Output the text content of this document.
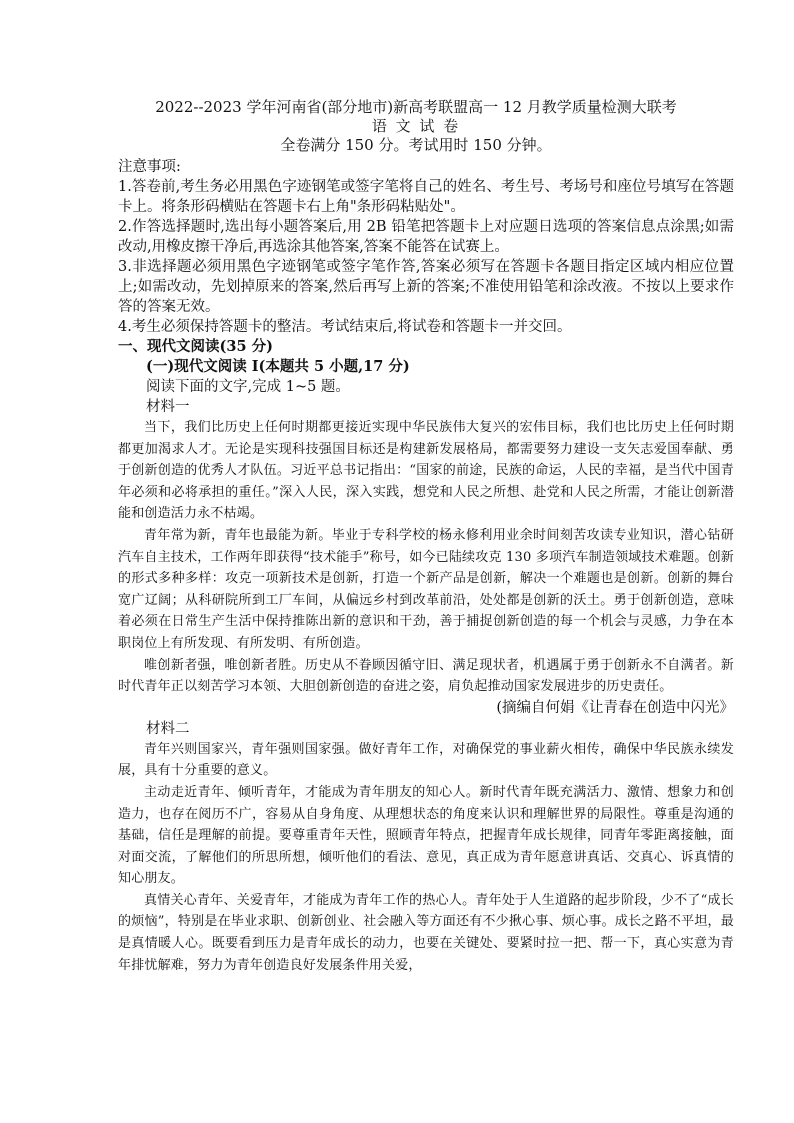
2022--2023 学年河南省(部分地市)新高考联盟高一 12 月教学质量检测大联考
语 文 试 卷
全卷满分 150 分。考试用时 150 分钟。
注意事项:
1.答卷前,考生务必用黑色字迹钢笔或签字笔将自己的姓名、考生号、考场号和座位号填写在答题卡上。将条形码横贴在答题卡右上角"条形码粘贴处"。
2.作答选择题时,选出每小题答案后,用 2B 铅笔把答题卡上对应题日选项的答案信息点涂黑;如需改动,用橡皮擦干净后,再选涂其他答案,答案不能答在试赛上。
3.非选择题必须用黑色字迹钢笔或签字笔作答,答案必须写在答题卡各题目指定区域内相应位置上;如需改动，先划掉原来的答案,然后再写上新的答案;不准使用铅笔和涂改液。不按以上要求作答的答案无效。
4.考生必须保持答题卡的整洁。考试结束后,将试卷和答题卡一并交回。
一、现代文阅读(35 分)
(一)现代文阅读 I(本题共 5 小题,17 分)
阅读下面的文字,完成 1~5 题。
材料一
当下，我们比历史上任何时期都更接近实现中华民族伟大复兴的宏伟目标，我们也比历史上任何时期都更加渴求人才。无论是实现科技强国目标还是构建新发展格局，都需要努力建设一支矢志爱国奉献、勇于创新创造的优秀人才队伍。习近平总书记指出：“国家的前途，民族的命运，人民的幸福，是当代中国青年必须和必将承担的重任。”深入人民，深入实践，想党和人民之所想、赴党和人民之所需，才能让创新潜能和创造活力永不枯竭。
青年常为新，青年也最能为新。毕业于专科学校的杨永修利用业余时间刻苦攻读专业知识，潜心钻研汽车自主技术，工作两年即获得“技术能手”称号，如今已陆续攻克 130 多项汽车制造领域技术难题。创新的形式多种多样：攻克一项新技术是创新，打造一个新产品是创新，解决一个难题也是创新。创新的舞台宽广辽阔；从科研院所到工厂车间，从偏远乡村到改革前沿，处处都是创新的沃土。勇于创新创造，意味着必须在日常生产生活中保持推陈出新的意识和干劲，善于捕捉创新创造的每一个机会与灵感，力争在本职岗位上有所发现、有所发明、有所创造。
唯创新者强，唯创新者胜。历史从不眷顾因循守旧、满足现状者，机遇属于勇于创新永不自满者。新时代青年正以刻苦学习本领、大胆创新创造的奋进之姿，肩负起推动国家发展进步的历史责任。
(摘编自何娟《让青春在创造中闪光》
材料二
青年兴则国家兴，青年强则国家强。做好青年工作，对确保党的事业薪火相传，确保中华民族永续发展，具有十分重要的意义。
主动走近青年、倾听青年，才能成为青年朋友的知心人。新时代青年既充满活力、激情、想象力和创造力，也存在阅历不广，容易从自身角度、从理想状态的角度来认识和理解世界的局限性。尊重是沟通的基础，信任是理解的前提。要尊重青年天性，照顾青年特点，把握青年成长规律，同青年零距离接触，面对面交流，了解他们的所思所想，倾听他们的看法、意见，真正成为青年愿意讲真话、交真心、诉真情的知心朋友。
真情关心青年、关爱青年，才能成为青年工作的热心人。青年处于人生道路的起步阶段，少不了“成长的烦恼”，特别是在毕业求职、创新创业、社会融入等方面还有不少揪心事、烦心事。成长之路不平坦，最是真情暖人心。既要看到压力是青年成长的动力，也要在关键处、要紧时拉一把、帮一下，真心实意为青年排忧解难，努力为青年创造良好发展条件用关爱，
